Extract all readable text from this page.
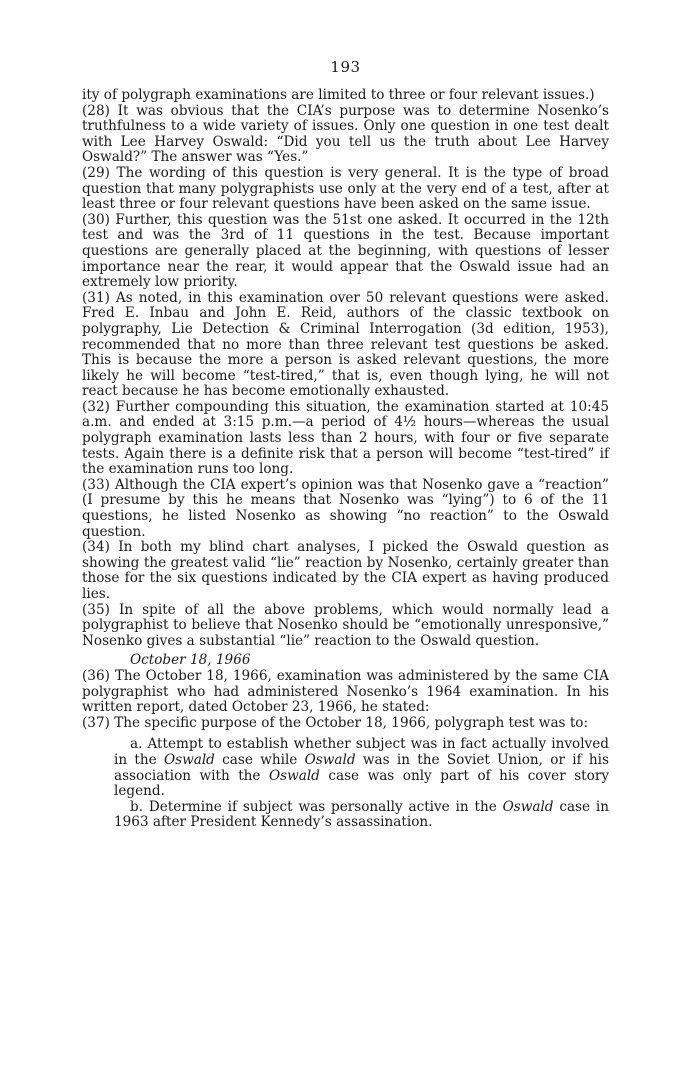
193

ity of polygraph examinations are limited to three or four relevant issues.)

(28) It was obvious that the CIA’s purpose was to determine Nosenko’s truthfulness to a wide variety of issues. Only one question in one test dealt with Lee Harvey Oswald: “Did you tell us the truth about Lee Harvey Oswald?” The answer was “Yes.”

(29) The wording of this question is very general. It is the type of broad question that many polygraphists use only at the very end of a test, after at least three or four relevant questions have been asked on the same issue.

(30) Further, this question was the 51st one asked. It occurred in the 12th test and was the 3rd of 11 questions in the test. Because important questions are generally placed at the beginning, with questions of lesser importance near the rear, it would appear that the Oswald issue had an extremely low priority.

(31) As noted, in this examination over 50 relevant questions were asked. Fred E. Inbau and John E. Reid, authors of the classic textbook on polygraphy, Lie Detection & Criminal Interrogation (3d edition, 1953), recommended that no more than three relevant test questions be asked. This is because the more a person is asked relevant questions, the more likely he will become “test-tired,” that is, even though lying, he will not react because he has become emotionally exhausted.

(32) Further compounding this situation, the examination started at 10:45 a.m. and ended at 3:15 p.m.—a period of 4½ hours—whereas the usual polygraph examination lasts less than 2 hours, with four or five separate tests. Again there is a definite risk that a person will become “test-tired” if the examination runs too long.

(33) Although the CIA expert’s opinion was that Nosenko gave a “reaction” (I presume by this he means that Nosenko was “lying”) to 6 of the 11 questions, he listed Nosenko as showing “no reaction” to the Oswald question.

(34) In both my blind chart analyses, I picked the Oswald question as showing the greatest valid “lie” reaction by Nosenko, certainly greater than those for the six questions indicated by the CIA expert as having produced lies.

(35) In spite of all the above problems, which would normally lead a polygraphist to believe that Nosenko should be “emotionally unresponsive,” Nosenko gives a substantial “lie” reaction to the Oswald question.

October 18, 1966

(36) The October 18, 1966, examination was administered by the same CIA polygraphist who had administered Nosenko’s 1964 examination. In his written report, dated October 23, 1966, he stated:

(37) The specific purpose of the October 18, 1966, polygraph test was to:

a. Attempt to establish whether subject was in fact actually involved in the Oswald case while Oswald was in the Soviet Union, or if his association with the Oswald case was only part of his cover story legend.

b. Determine if subject was personally active in the Oswald case in 1963 after President Kennedy’s assassination.
